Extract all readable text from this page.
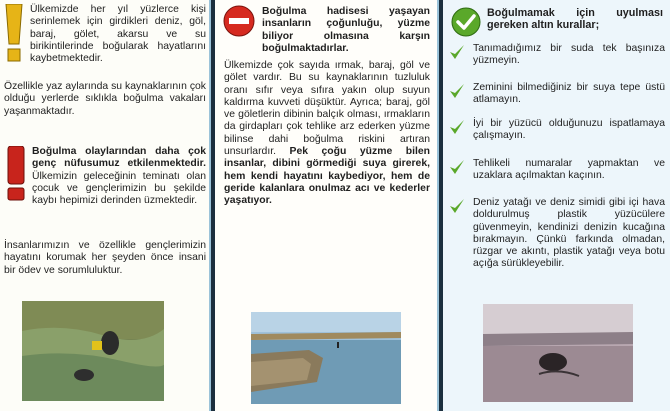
Ülkemizde her yıl yüzlerce kişi serinlemek için girdikleri deniz, göl, baraj, gölet, akarsu ve su birikintilerinde boğularak hayatlarını kaybetmektedir.
Özellikle yaz aylarında su kaynaklarının çok olduğu yerlerde sıklıkla boğulma vakaları yaşanmaktadır.
Boğulma olaylarından daha çok genç nüfusumuz etkilenmektedir. Ülkemizin geleceğinin teminatı olan çocuk ve gençlerimizin bu şekilde kaybı hepimizi derinden üzmektedir.
İnsanlarımızın ve özellikle gençlerimizin hayatını korumak her şeyden önce insani bir ödev ve sorumluluktur.
Boğulma hadisesi yaşayan insanların çoğunluğu, yüzme biliyor olmasına karşın boğulmaktadırlar.
Ülkemizde çok sayıda ırmak, baraj, göl ve gölet vardır. Bu su kaynaklarının tuzluluk oranı sıfır veya sıfıra yakın olup suyun kaldırma kuvveti düşüktür. Ayrıca; baraj, göl ve göletlerin dibinin balçık olması, ırmakların da girdapları çok tehlike arz ederken yüzme bilinse dahi boğulma riskini artıran unsurlardır. Pek çoğu yüzme bilen insanlar, dibini görmediği suya girerek, hem kendi hayatını kaybediyor, hem de geride kalanlara onulmaz acı ve kederler yaşatıyor.
Boğulmamak için uyulması gereken altın kurallar;
Tanımadığımız bir suda tek başınıza yüzmeyin.
Zeminini bilmediğiniz bir suya tepe üstü atlamayın.
İyi bir yüzücü olduğunuzu ispatlamaya çalışmayın.
Tehlikeli numaralar yapmaktan ve uzaklara açılmaktan kaçının.
Deniz yatağı ve deniz simidi gibi içi hava doldurulmuş plastik yüzücülere güvenmeyin, kendinizi denizin kucağına bırakmayın. Çünkü farkında olmadan, rüzgar ve akıntı, plastik yatağı veya botu açığa sürükleyebilir.
